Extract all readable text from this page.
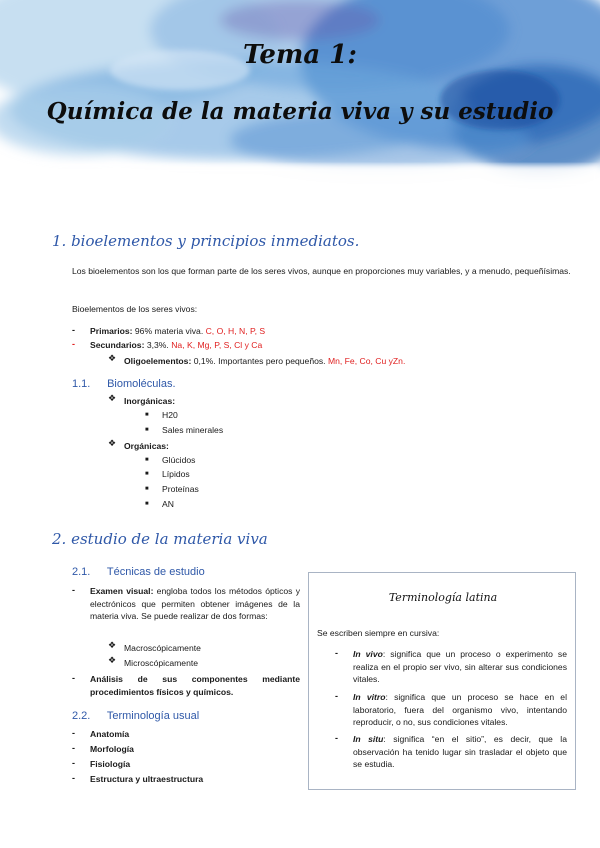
Tema 1:
Química de la materia viva y su estudio
1. bioelementos y principios inmediatos.
Los bioelementos son los que forman parte de los seres vivos, aunque en proporciones muy variables, y a menudo, pequeñísimas.
Bioelementos de los seres vivos:
- Primarios: 96% materia viva. C, O, H, N, P, S
- Secundarios: 3,3%. Na, K, Mg, P, S, Cl y Ca
❖ Oligoelementos: 0,1%. Importantes pero pequeños. Mn, Fe, Co, Cu yZn.
1.1. Biomoléculas.
❖ Inorgánicas:
■ H20
■ Sales minerales
❖ Orgánicas:
■ Glúcidos
■ Lípidos
■ Proteínas
■ AN
2. estudio de la materia viva
2.1. Técnicas de estudio
- Examen visual: engloba todos los métodos ópticos y electrónicos que permiten obtener imágenes de la materia viva. Se puede realizar de dos formas:
❖ Macroscópicamente
❖ Microscópicamente
- Análisis de sus componentes mediante procedimientos físicos y químicos.
2.2. Terminología usual
- Anatomía
- Morfología
- Fisiología
- Estructura y ultraestructura
Terminología latina
Se escriben siempre en cursiva:
- In vivo: significa que un proceso o experimento se realiza en el propio ser vivo, sin alterar sus condiciones vitales.
- In vitro: significa que un proceso se hace en el laboratorio, fuera del organismo vivo, intentando reproducir, o no, sus condiciones vitales.
- In situ: significa “en el sitio”, es decir, que la observación ha tenido lugar sin trasladar el objeto que se estudia.
